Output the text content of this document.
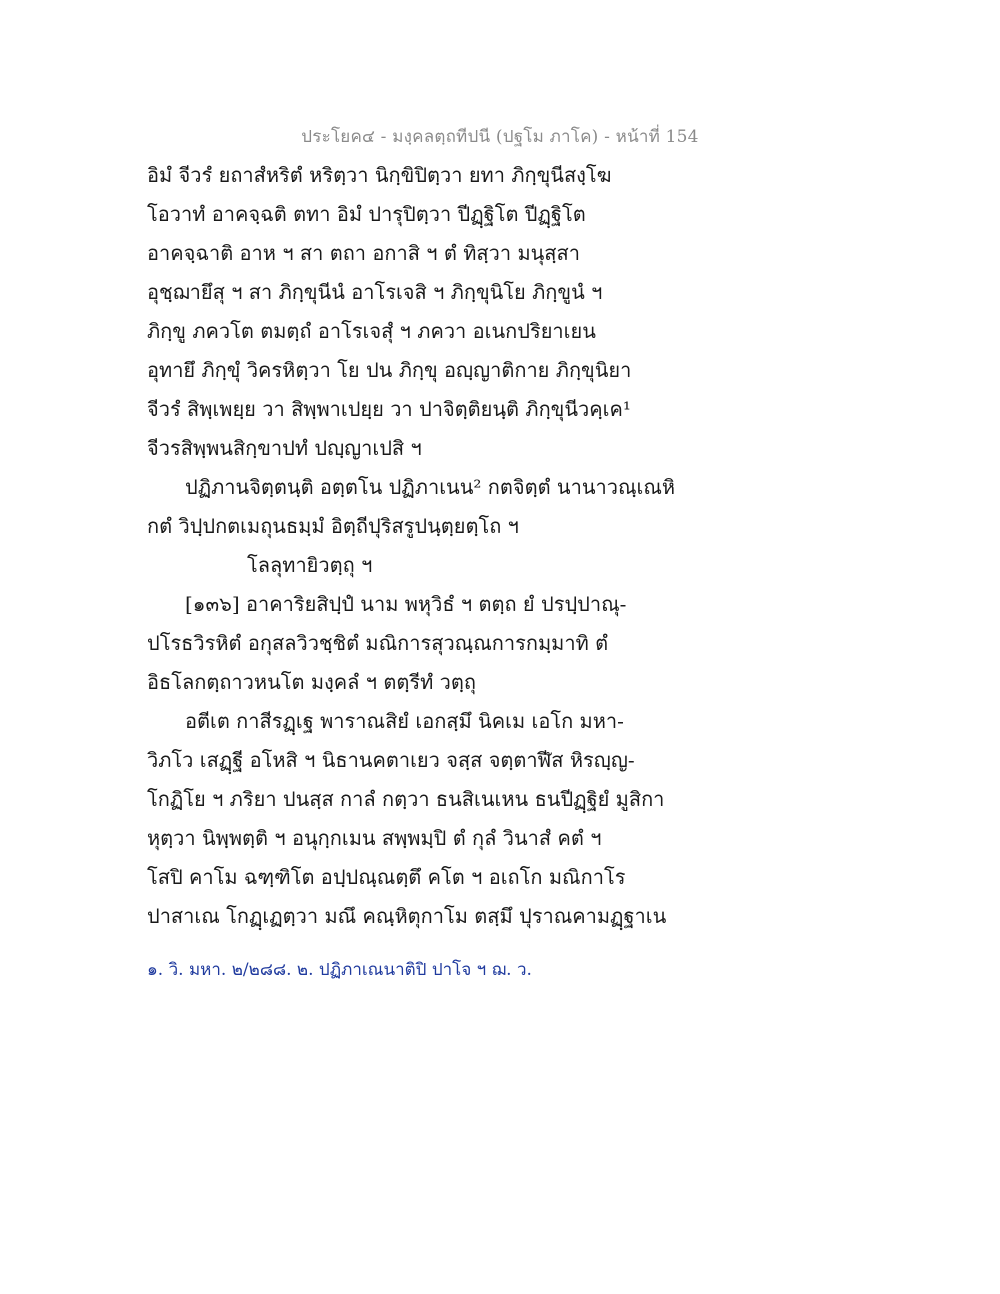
ประโยค๔ - มงฺคลตฺถทีปนี (ปฐโม ภาโค) - หน้าที่ 154
อิมํ จีวรํ ยถาสํหริตํ หริตฺวา นิกฺขิปิตฺวา ยทา ภิกฺขุนีสงฺโฆ
โอวาทํ อาคจฺฉติ ตทา อิมํ ปารุปิตฺวา ปีฏฺฐิโต ปีฏฺฐิโต
อาคจฺฉาติ อาห ฯ สา ตถา อกาสิ ฯ ตํ ทิสฺวา มนุสฺสา
อุชฺฌายึสุ ฯ สา ภิกฺขุนีนํ อาโรเจสิ ฯ ภิกฺขุนิโย ภิกฺขูนํ ฯ
ภิกฺขู ภควโต ตมตฺถํ อาโรเจสุํ ฯ ภควา อเนกปริยาเยน
อุทายึ ภิกฺขุํ วิครหิตฺวา โย ปน ภิกฺขุ อญฺญาติกาย ภิกฺขุนิยา
จีวรํ สิพฺเพยฺย วา สิพฺพาเปยฺย วา ปาจิตฺติยนฺติ ภิกฺขุนีวคฺเค¹
จีวรสิพฺพนสิกฺขาปทํ ปญฺญาเปสิ ฯ
ปฏิภานจิตฺตนฺติ อตฺตโน ปฏิภาเนน² กตจิตฺตํ นานาวณฺเณหิ
กตํ วิปฺปกตเมถุนธมฺมํ อิตฺถีปุริสรูปนฺตฺยตฺโถ ฯ
โลลุทายิวตฺถุ ฯ
[๑๓๖] อาคาริยสิปฺปํ นาม พหุวิธํ ฯ ตตฺถ ยํ ปรปฺปาณุ-
ปโรธวิรหิตํ อกุสลวิวชฺชิตํ มณิการสุวณฺณการกมฺมาทิ ตํ
อิธโลกตฺถาวหนโต มงฺคลํ ฯ ตตฺรีทํ วตฺถุ
อตีเต กาสีรฏฺเฐ พาราณสิยํ เอกสฺมึ นิคเม เอโก มหา-
วิภโว เสฏฺฐี อโหสิ ฯ นิธานคตาเยว จสฺส จตฺตาฬีส หิรญฺญ-
โกฏิโย ฯ ภริยา ปนสฺส กาลํ กตฺวา ธนสิเนเหน ธนปีฏฺฐิยํ มูสิกา
หุตฺวา นิพฺพตฺติ ฯ อนุกฺกเมน สพฺพมฺปิ ตํ กุลํ วินาสํ คตํ ฯ
โสปิ คาโม ฉฑฺฑิโต อปฺปณฺณตฺตึ คโต ฯ อเถโก มณิกาโร
ปาสาเณ โกฏฺเฏตฺวา มณึ คณฺหิตุกาโม ตสฺมึ ปุราณคามฏฺฐาเน
๑. วิ. มหา. ๒/๒๘๘. ๒. ปฏิภาเณนาติปิ ปาโจ ฯ ฌ. ว.
